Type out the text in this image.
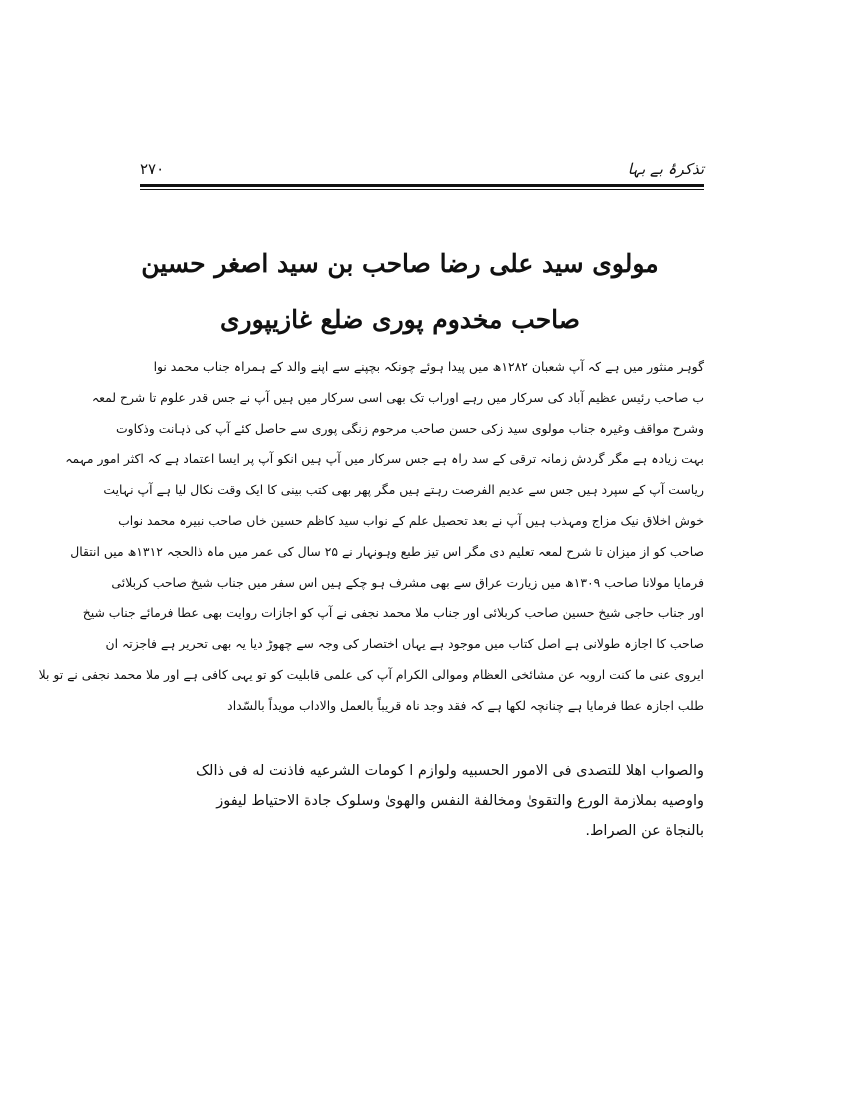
تذکرۂ بے بہا
۲۷۰
مولوی سید علی رضا صاحب بن سید اصغر حسین صاحب مخدوم پوری ضلع غازیپوری
گوہر منثور میں ہے کہ آپ شعبان ۱۲۸۲ھ میں پیدا ہوئے چونکہ بچپنے سے اپنے والد کے ہمراہ جناب محمد نوا
ب صاحب رئیس عظیم آباد کی سرکار میں رہے اوراب تک بھی اسی سرکار میں ہیں آپ نے جس قدر علوم تا شرح لمعہ
وشرح مواقف وغیرہ جناب مولوی سید زکی حسن صاحب مرحوم زنگی پوری سے حاصل کئے آپ کی ذہانت وذکاوت
بہت زیادہ ہے مگر گردش زمانہ ترقی کے سد راہ ہے جس سرکار میں آپ ہیں انکو آپ پر ایسا اعتماد ہے کہ اکثر امور مہمہ
ریاست آپ کے سپرد ہیں جس سے عدیم الفرصت رہتے ہیں مگر پھر بھی کتب بینی کا ایک وقت نکال لیا ہے آپ نہایت
خوش اخلاق نیک مزاج ومہذب ہیں آپ نے بعد تحصیل علم کے نواب سید کاظم حسین خاں صاحب نبیرہ محمد نواب
صاحب کو از میزان تا شرح لمعہ تعلیم دی مگر اس تیز طبع وہونہار نے ۲۵ سال کی عمر میں ماہ ذالحجہ ۱۳۱۲ھ میں انتقال
فرمایا مولانا صاحب ۱۳۰۹ھ میں زیارت عراق سے بھی مشرف ہو چکے ہیں اس سفر میں جناب شیخ صاحب کربلائی
اور جناب حاجی شیخ حسین صاحب کربلائی اور جناب ملا محمد نجفی نے آپ کو اجازات روایت بھی عطا فرمائے جناب شیخ
صاحب کا اجازہ طولانی ہے اصل کتاب میں موجود ہے یہاں اختصار کی وجہ سے چھوڑ دیا یہ بھی تحریر ہے فاجزتہ ان
ایروی عنی ما کنت اروبہ عن مشائخی العظام وموالی الکرام آپ کی علمی قابلیت کو تو یہی کافی ہے اور ملا محمد نجفی نے تو بلا
طلب اجازہ عطا فرمایا ہے چنانچہ لکھا ہے کہ فقد وجد ناہ قریباً بالعمل والاداب مویداً بالسّداد
والصواب اهلا للتصدی فی الامور الحسبیه ولوازم ا کومات الشرعیه فاذنت له فی ذالک
واوصیه بملازمة الورع والتقویٰ ومخالفة النفس والهویٰ وسلوک جادة الاحتیاط لیفوز
بالنجاة عن الصراط.
